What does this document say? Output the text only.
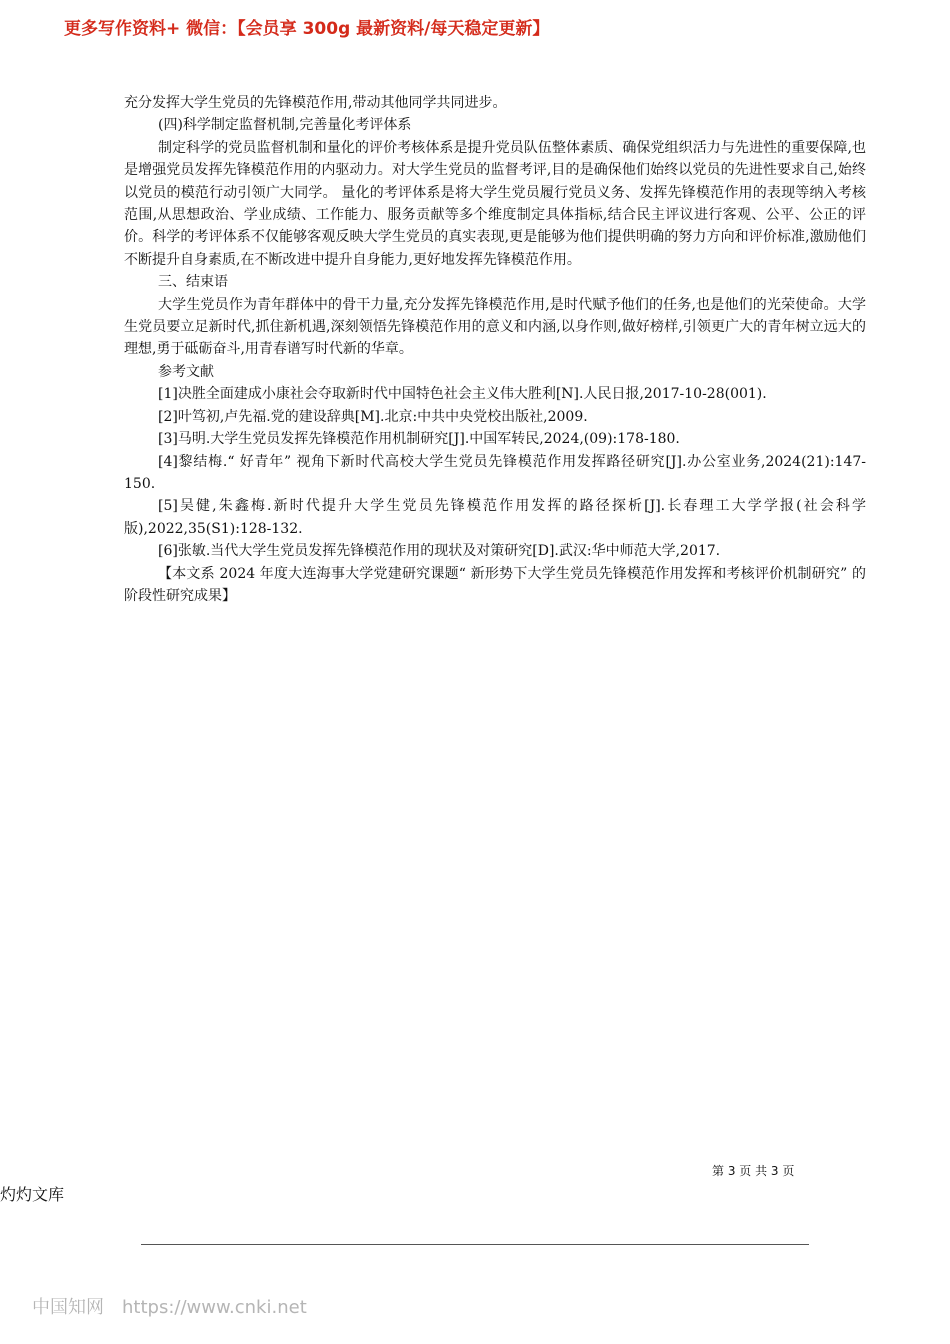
更多写作资料+ 微信：【会员享 300g 最新资料/每天稳定更新】

充分发挥大学生党员的先锋模范作用,带动其他同学共同进步。

(四)科学制定监督机制,完善量化考评体系

制定科学的党员监督机制和量化的评价考核体系是提升党员队伍整体素质、确保党组织活力与先进性的重要保障,也是增强党员发挥先锋模范作用的内驱动力。对大学生党员的监督考评,目的是确保他们始终以党员的先进性要求自己,始终以党员的模范行动引领广大同学。 量化的考评体系是将大学生党员履行党员义务、发挥先锋模范作用的表现等纳入考核范围,从思想政治、学业成绩、工作能力、服务贡献等多个维度制定具体指标,结合民主评议进行客观、公平、公正的评价。科学的考评体系不仅能够客观反映大学生党员的真实表现,更是能够为他们提供明确的努力方向和评价标准,激励他们不断提升自身素质,在不断改进中提升自身能力,更好地发挥先锋模范作用。

三、结束语

大学生党员作为青年群体中的骨干力量,充分发挥先锋模范作用,是时代赋予他们的任务,也是他们的光荣使命。大学生党员要立足新时代,抓住新机遇,深刻领悟先锋模范作用的意义和内涵,以身作则,做好榜样,引领更广大的青年树立远大的理想,勇于砥砺奋斗,用青春谱写时代新的华章。

参考文献

[1]决胜全面建成小康社会夺取新时代中国特色社会主义伟大胜利[N].人民日报,2017-10-28(001).

[2]叶笃初,卢先福.党的建设辞典[M].北京:中共中央党校出版社,2009.

[3]马明.大学生党员发挥先锋模范作用机制研究[J].中国军转民,2024,(09):178-180.

[4]黎结梅.“ 好青年” 视角下新时代高校大学生党员先锋模范作用发挥路径研究[J].办公室业务,2024(21):147-150.

[5]吴健,朱鑫梅.新时代提升大学生党员先锋模范作用发挥的路径探析[J].长春理工大学学报(社会科学版),2022,35(S1):128-132.

[6]张敏.当代大学生党员发挥先锋模范作用的现状及对策研究[D].武汉:华中师范大学,2017.

【本文系 2024 年度大连海事大学党建研究课题“ 新形势下大学生党员先锋模范作用发挥和考核评价机制研究” 的阶段性研究成果】

第 3 页 共 3 页
灼灼文库
中国知网 https://www.cnki.net
